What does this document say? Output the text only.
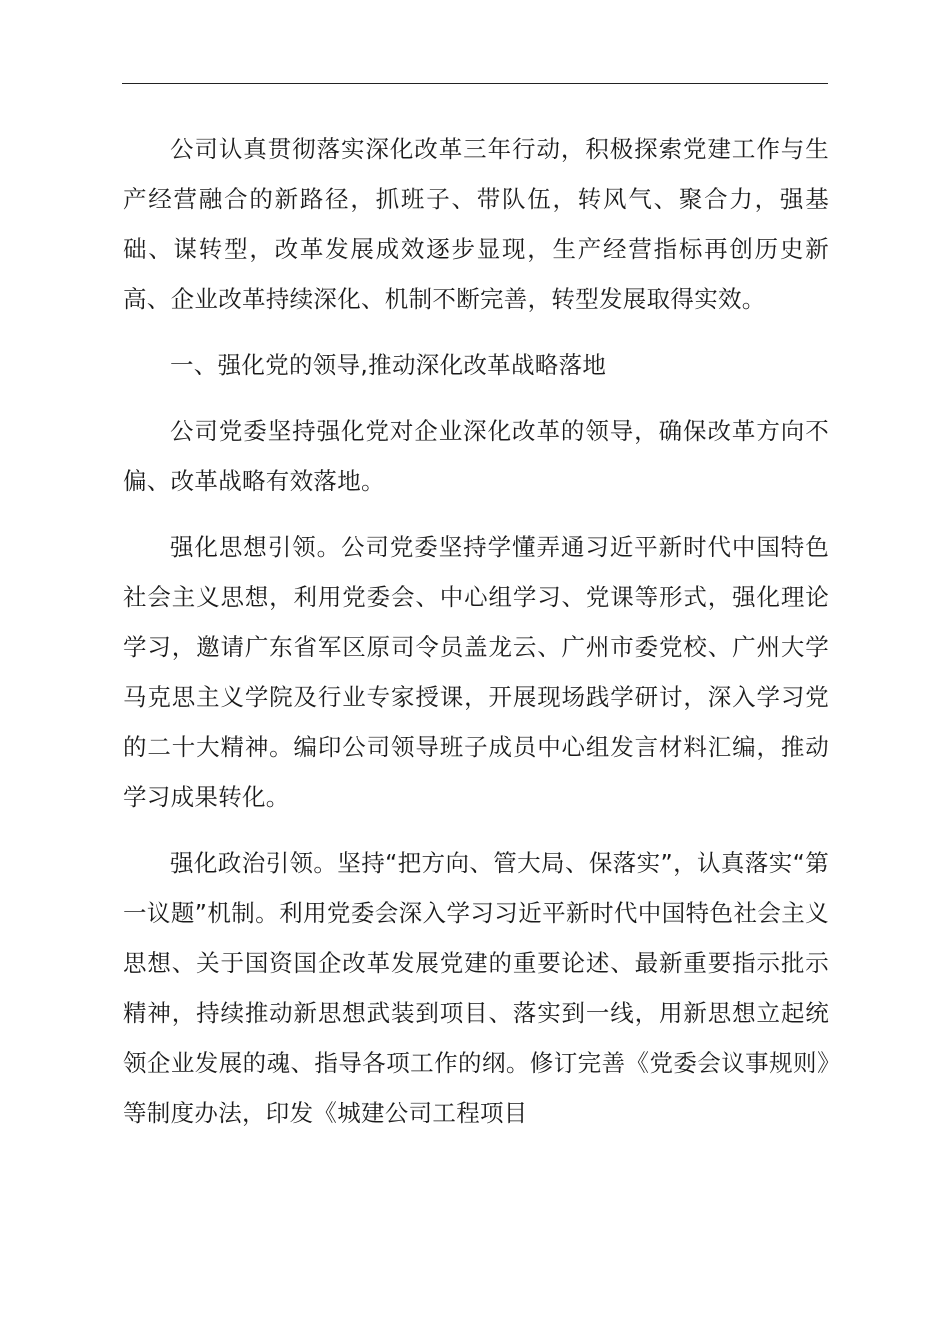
公司认真贯彻落实深化改革三年行动，积极探索党建工作与生产经营融合的新路径，抓班子、带队伍，转风气、聚合力，强基础、谋转型，改革发展成效逐步显现，生产经营指标再创历史新高、企业改革持续深化、机制不断完善，转型发展取得实效。

一、强化党的领导,推动深化改革战略落地

公司党委坚持强化党对企业深化改革的领导，确保改革方向不偏、改革战略有效落地。

强化思想引领。公司党委坚持学懂弄通习近平新时代中国特色社会主义思想，利用党委会、中心组学习、党课等形式，强化理论学习，邀请广东省军区原司令员盖龙云、广州市委党校、广州大学马克思主义学院及行业专家授课，开展现场践学研讨，深入学习党的二十大精神。编印公司领导班子成员中心组发言材料汇编，推动学习成果转化。

强化政治引领。坚持“把方向、管大局、保落实”，认真落实“第一议题”机制。利用党委会深入学习习近平新时代中国特色社会主义思想、关于国资国企改革发展党建的重要论述、最新重要指示批示精神，持续推动新思想武装到项目、落实到一线，用新思想立起统领企业发展的魂、指导各项工作的纲。修订完善《党委会议事规则》等制度办法，印发《城建公司工程项目
